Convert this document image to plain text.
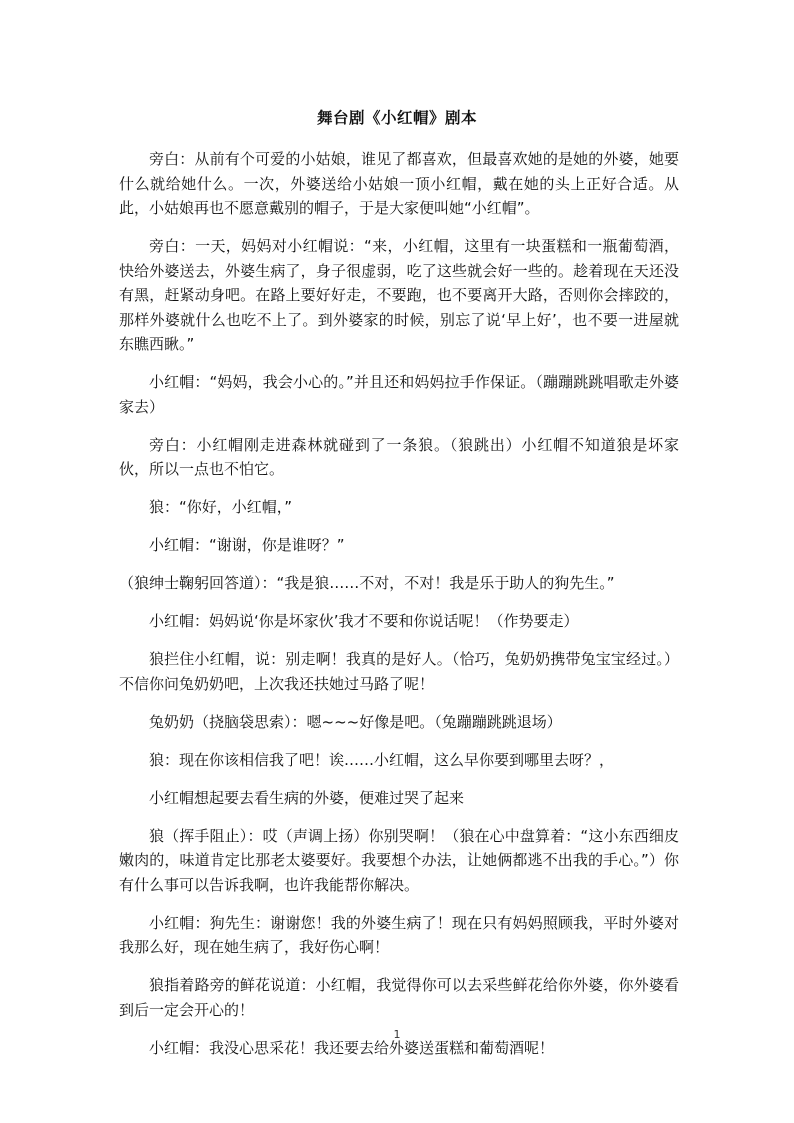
舞台剧《小红帽》剧本

旁白：从前有个可爱的小姑娘，谁见了都喜欢，但最喜欢她的是她的外婆，她要什么就给她什么。一次，外婆送给小姑娘一顶小红帽，戴在她的头上正好合适。从此，小姑娘再也不愿意戴别的帽子，于是大家便叫她“小红帽”。

旁白：一天，妈妈对小红帽说：“来，小红帽，这里有一块蛋糕和一瓶葡萄酒，快给外婆送去，外婆生病了，身子很虚弱，吃了这些就会好一些的。趁着现在天还没有黑，赶紧动身吧。在路上要好好走，不要跑，也不要离开大路，否则你会摔跤的，那样外婆就什么也吃不上了。到外婆家的时候，别忘了说‘早上好’，也不要一进屋就东瞧西瞅。”

小红帽：“妈妈，我会小心的。”并且还和妈妈拉手作保证。（蹦蹦跳跳唱歌走外婆家去）

旁白：小红帽刚走进森林就碰到了一条狼。（狼跳出）小红帽不知道狼是坏家伙，所以一点也不怕它。

狼：“你好，小红帽，”

小红帽：“谢谢，你是谁呀？”

（狼绅士鞠躬回答道）：“我是狼……不对，不对！我是乐于助人的狗先生。”

小红帽：妈妈说‘你是坏家伙’我才不要和你说话呢！（作势要走）

狼拦住小红帽，说：别走啊！我真的是好人。（恰巧，兔奶奶携带兔宝宝经过。）不信你问兔奶奶吧，上次我还扶她过马路了呢！

兔奶奶（挠脑袋思索）：嗯~~~好像是吧。（兔蹦蹦跳跳退场）

狼：现在你该相信我了吧！诶……小红帽，这么早你要到哪里去呀？，

小红帽想起要去看生病的外婆，便难过哭了起来

狼（挥手阻止）：哎（声调上扬）你别哭啊！（狼在心中盘算着：“这小东西细皮嫩肉的，味道肯定比那老太婆要好。我要想个办法，让她俩都逃不出我的手心。”）你有什么事可以告诉我啊，也许我能帮你解决。

小红帽：狗先生：谢谢您！我的外婆生病了！现在只有妈妈照顾我，平时外婆对我那么好，现在她生病了，我好伤心啊！

狼指着路旁的鲜花说道：小红帽，我觉得你可以去采些鲜花给你外婆，你外婆看到后一定会开心的！

小红帽：我没心思采花！我还要去给外婆送蛋糕和葡萄酒呢！

1
